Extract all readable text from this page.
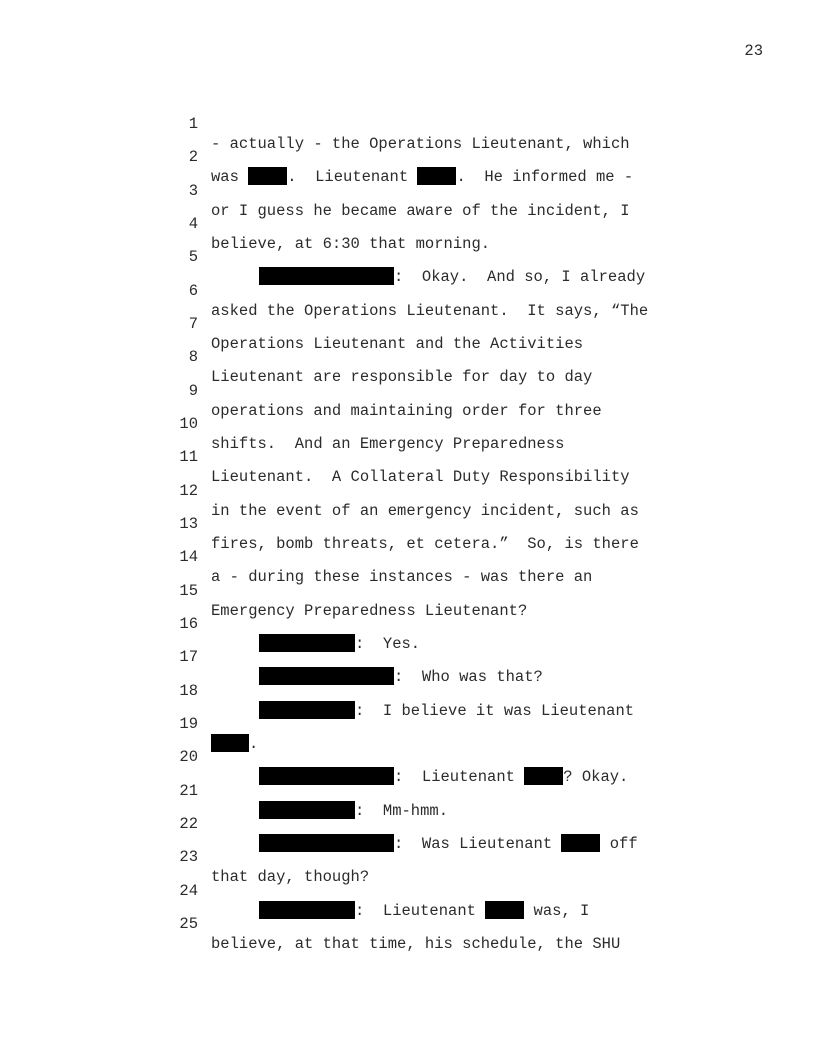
23

1

- actually - the Operations Lieutenant, which

2

was	.  Lieutenant	.  He informed me -

3

or I guess he became aware of the incident, I

4

believe, at 6:30 that morning.

5

:  Okay.  And so, I already

6

asked the Operations Lieutenant.  It says, “The

7

Operations Lieutenant and the Activities

8

Lieutenant are responsible for day to day

9

operations and maintaining order for three

10

shifts.  And an Emergency Preparedness

11

Lieutenant.  A Collateral Duty Responsibility

12

in the event of an emergency incident, such as

13

fires, bomb threats, et cetera.”  So, is there

14

a - during these instances - was there an

15

Emergency Preparedness Lieutenant?

16

:  Yes.

17

:  Who was that?

18

:  I believe it was Lieutenant

19

.

20

:  Lieutenant	? Okay.

21

:  Mm-hmm.

22

:  Was Lieutenant	off

23

that day, though?

24

:  Lieutenant	was, I

25

believe, at that time, his schedule, the SHU
